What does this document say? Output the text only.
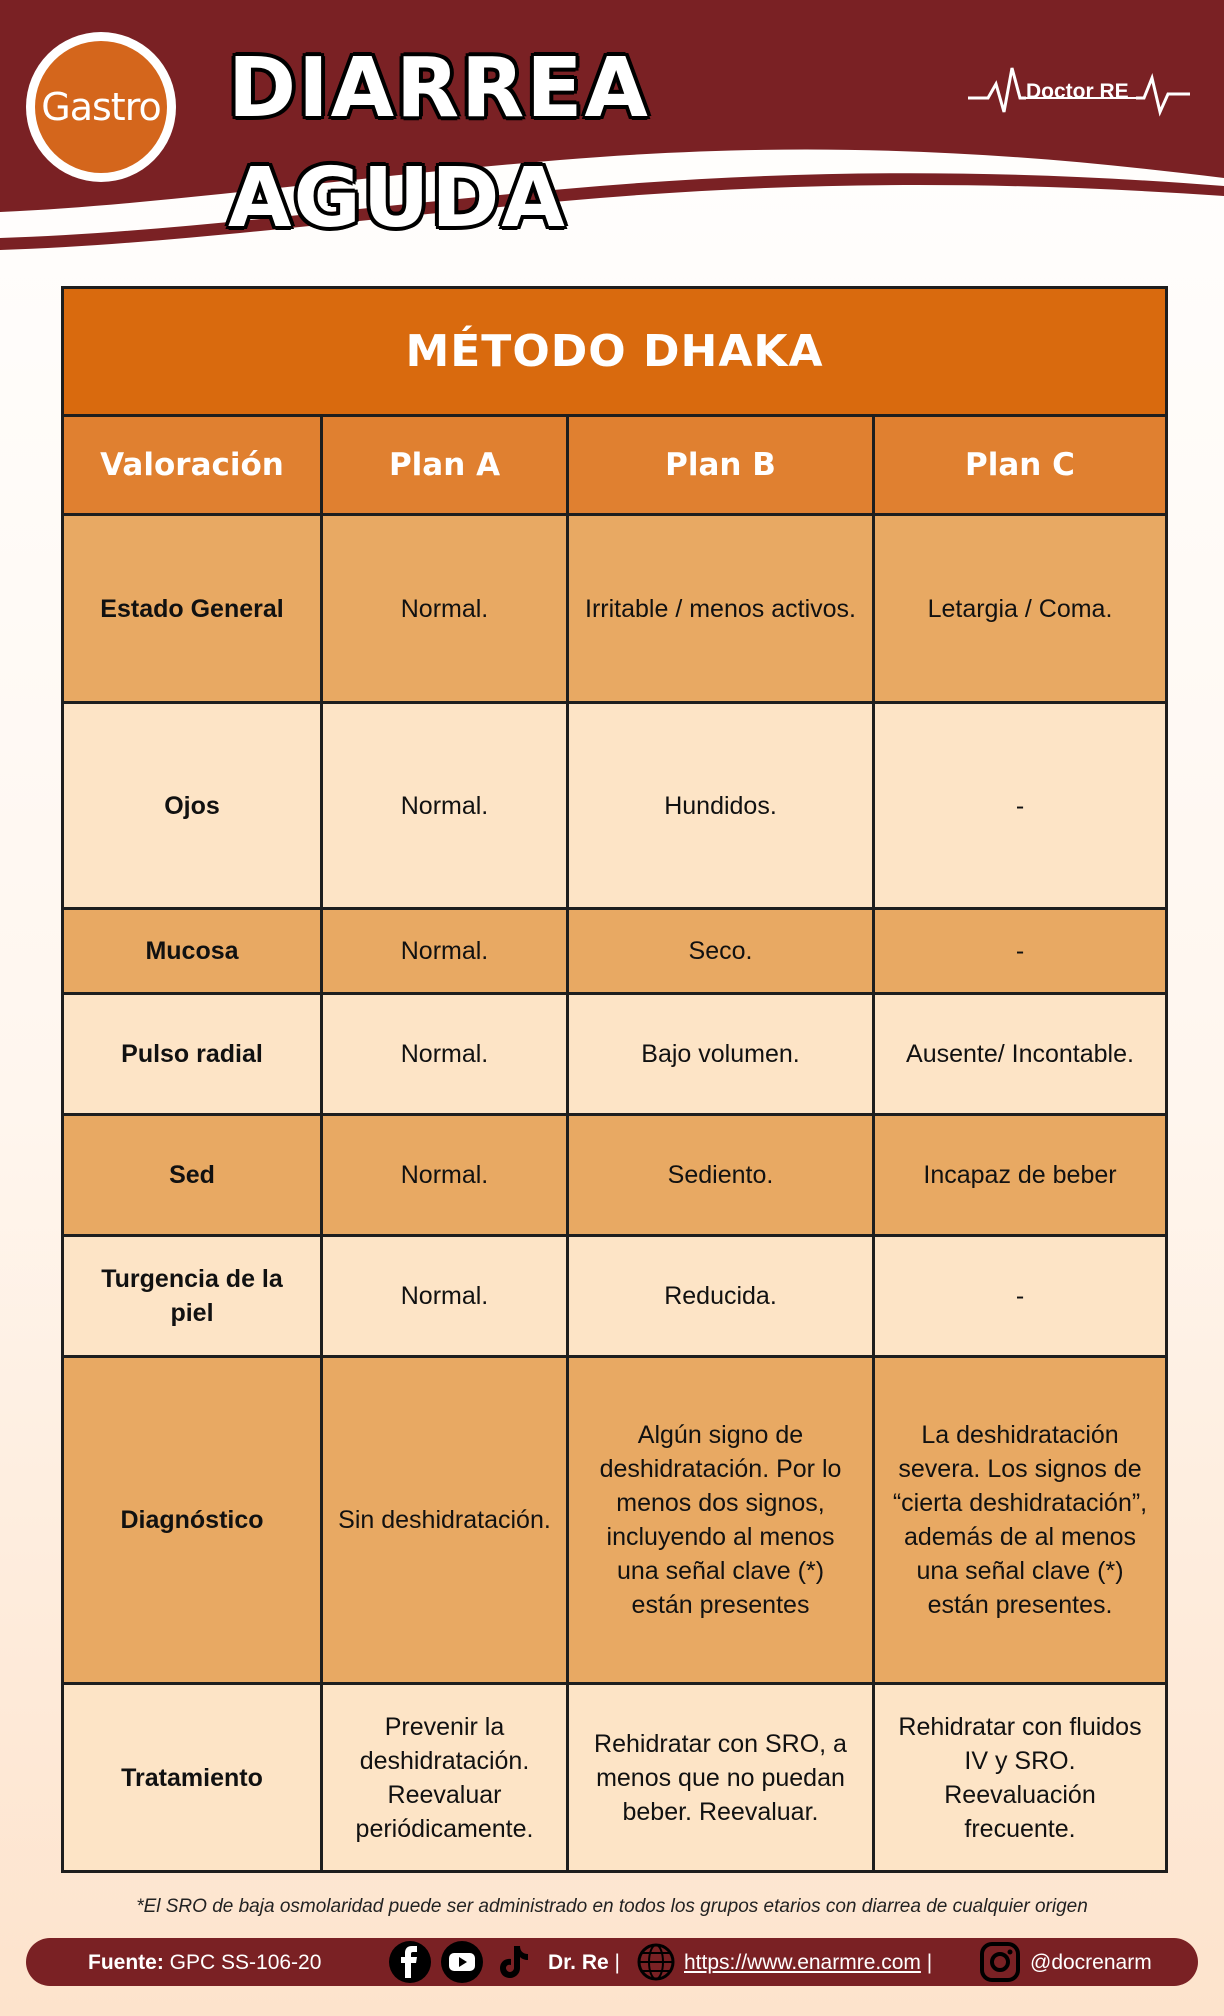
Gastro DIARREA AGUDA
Doctor RE
MÉTODO DHAKA			
Valoración	Plan A	Plan B	Plan C
Estado General	Normal.	Irritable / menos activos.	Letargia / Coma.
Ojos	Normal.	Hundidos.	-
Mucosa	Normal.	Seco.	-
Pulso radial	Normal.	Bajo volumen.	Ausente/ Incontable.
Sed	Normal.	Sediento.	Incapaz de beber
Turgencia de la piel	Normal.	Reducida.	-
Diagnóstico	Sin deshidratación.	Algún signo de deshidratación. Por lo menos dos signos, incluyendo al menos una señal clave (*) están presentes	La deshidratación severa. Los signos de “cierta deshidratación”, además de al menos una señal clave (*) están presentes.
Tratamiento	Prevenir la deshidratación. Reevaluar periódicamente.	Rehidratar con SRO, a menos que no puedan beber. Reevaluar.	Rehidratar con fluidos IV y SRO. Reevaluación frecuente.
*El SRO de baja osmolaridad puede ser administrado en todos los grupos etarios con diarrea de cualquier origen
Fuente: GPC SS-106-20	Dr. Re |	https://www.enarmre.com |	@docrenarm
